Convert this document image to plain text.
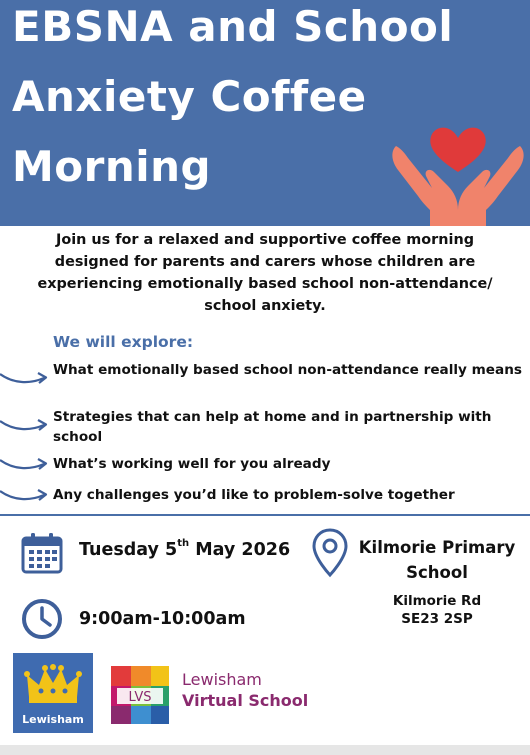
EBSNA and School
Anxiety Coffee
Morning
Join us for a relaxed and supportive coffee morning designed for parents and carers whose children are experiencing emotionally based school non-attendance/ school anxiety.
We will explore:
What emotionally based school non-attendance really means
Strategies that can help at home and in partnership with school
What’s working well for you already
Any challenges you’d like to problem-solve together
Tuesday 5th May 2026
9:00am-10:00am
Kilmorie Primary School
Kilmorie Rd
SE23 2SP
Lewisham
LVS
Lewisham
Virtual School
